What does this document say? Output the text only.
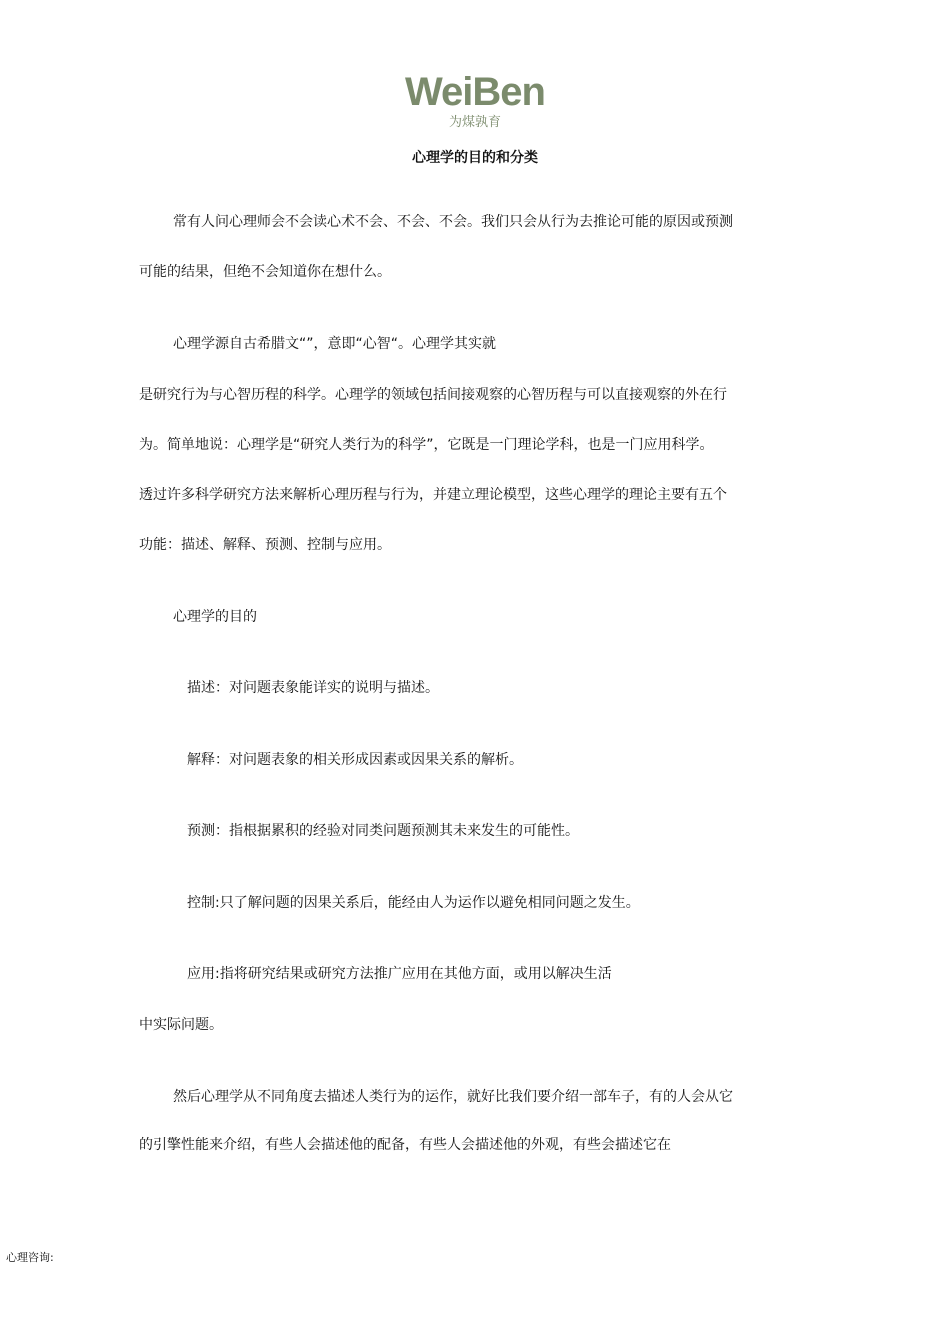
WeiBen
为煤孰育
心理学的目的和分类
常有人问心理师会不会读心术不会、不会、不会。我们只会从行为去推论可能的原因或预测
可能的结果，但绝不会知道你在想什么。
心理学源自古希腊文“”，意即“心智“。心理学其实就
是研究行为与心智历程的科学。心理学的领域包括间接观察的心智历程与可以直接观察的外在行
为。简单地说：心理学是“研究人类行为的科学”，它既是一门理论学科，也是一门应用科学。
透过许多科学研究方法来解析心理历程与行为，并建立理论模型，这些心理学的理论主要有五个
功能：描述、解释、预测、控制与应用。
心理学的目的
描述：对问题表象能详实的说明与描述。
解释：对问题表象的相关形成因素或因果关系的解析。
预测：指根据累积的经验对同类问题预测其未来发生的可能性。
控制:只了解问题的因果关系后，能经由人为运作以避免相同问题之发生。
应用:指将研究结果或研究方法推广应用在其他方面，或用以解决生活
中实际问题。
然后心理学从不同角度去描述人类行为的运作，就好比我们要介绍一部车子，有的人会从它
的引擎性能来介绍，有些人会描述他的配备，有些人会描述他的外观，有些会描述它在
心理咨询:
